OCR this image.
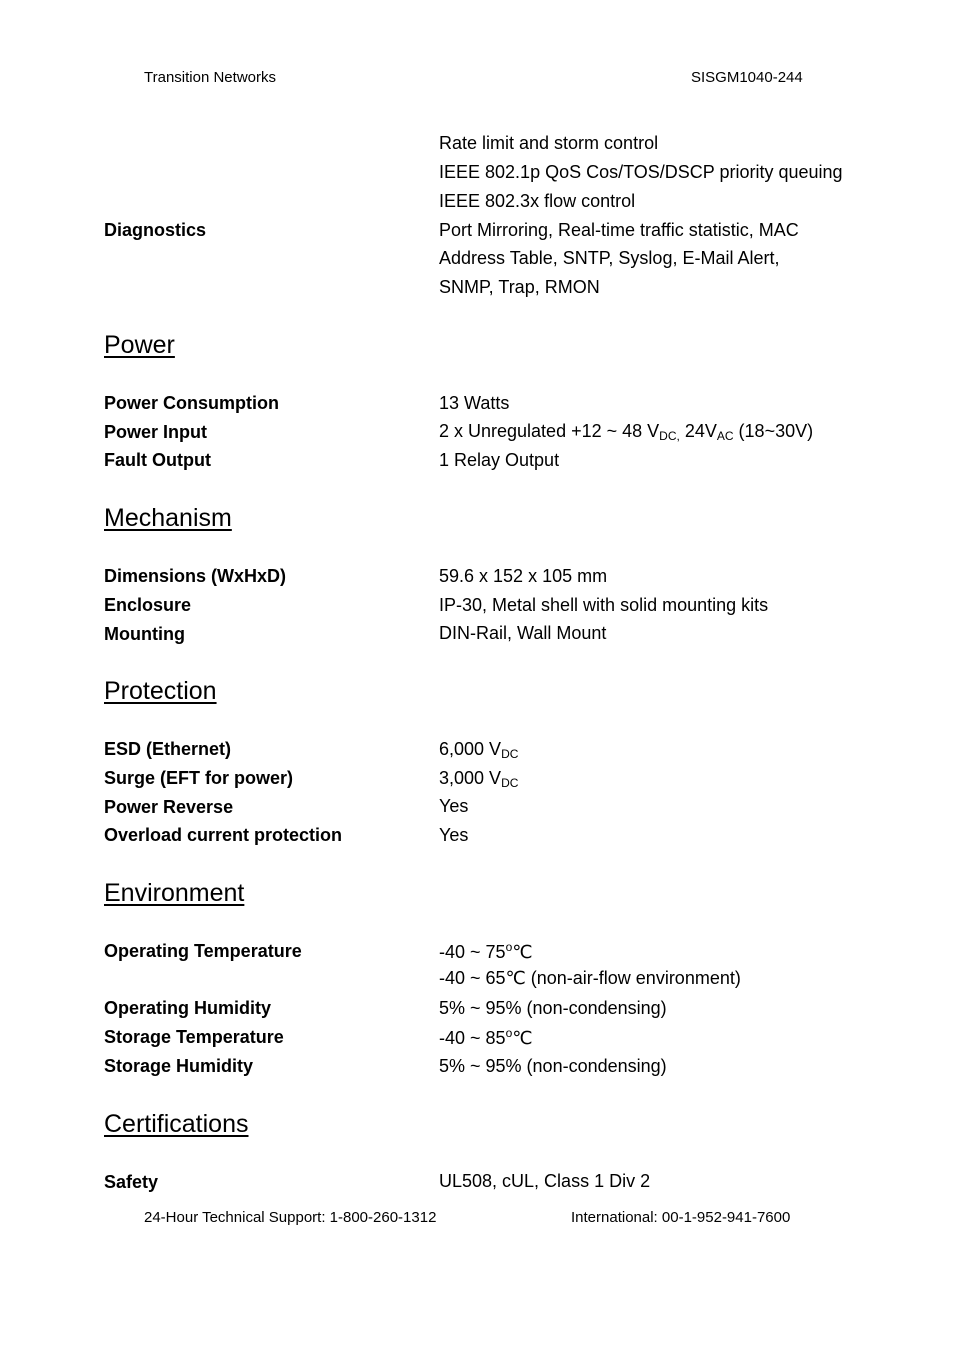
Transition Networks	SISGM1040-244
Rate limit and storm control
IEEE 802.1p QoS Cos/TOS/DSCP priority queuing
IEEE 802.3x flow control
Diagnostics	Port Mirroring, Real-time traffic statistic, MAC
Address Table, SNTP, Syslog, E-Mail Alert,
SNMP, Trap, RMON
Power
Power Consumption	13 Watts
Power Input	2 x Unregulated +12 ~ 48 $V_{DC,}$ $24V_{AC}$ (18~30V)
Fault Output	1 Relay Output
Mechanism
Dimensions (WxHxD)	59.6 x 152 x 105 mm
Enclosure	IP-30, Metal shell with solid mounting kits
Mounting	DIN-Rail, Wall Mount
Protection
ESD (Ethernet)	6,000 $V_{DC}$
Surge (EFT for power)	3,000 $V_{DC}$
Power Reverse	Yes
Overload current protection	Yes
Environment
Operating Temperature	-40 ~ 75$^o$℃
-40 ~ 65℃ (non-air-flow environment)
Operating Humidity	5% ~ 95% (non-condensing)
Storage Temperature	-40 ~ 85$^o$℃
Storage Humidity	5% ~ 95% (non-condensing)
Certifications
Safety	UL508, cUL, Class 1 Div 2
24-Hour Technical Support: 1-800-260-1312	International: 00-1-952-941-7600
